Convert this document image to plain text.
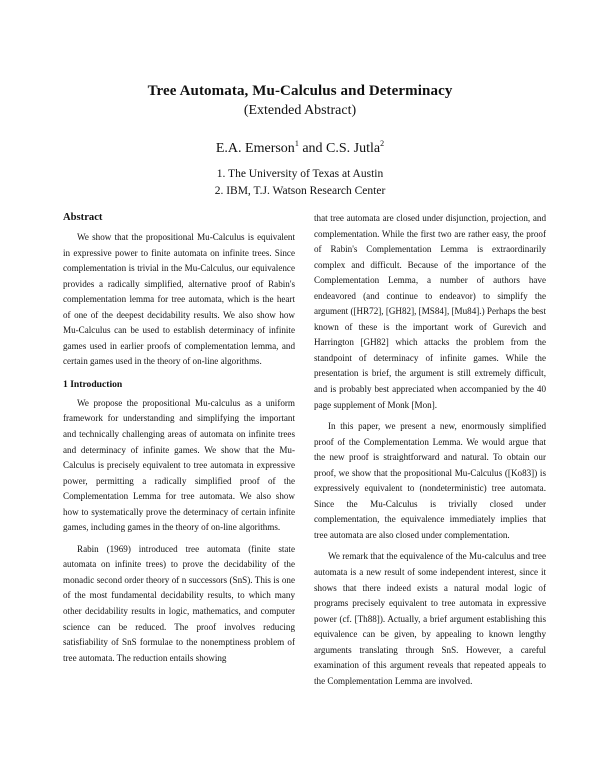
Tree Automata, Mu-Calculus and Determinacy
(Extended Abstract)
E.A. Emerson$^1$ and C.S. Jutla$^2$
1. The University of Texas at Austin
2. IBM, T.J. Watson Research Center
Abstract

We show that the propositional Mu-Calculus is equivalent in expressive power to finite automata on infinite trees. Since complementation is trivial in the Mu-Calculus, our equivalence provides a radically simplified, alternative proof of Rabin's complementation lemma for tree automata, which is the heart of one of the deepest decidability results. We also show how Mu-Calculus can be used to establish determinacy of infinite games used in earlier proofs of complementation lemma, and certain games used in the theory of on-line algorithms.

1 Introduction

We propose the propositional Mu-calculus as a uniform framework for understanding and simplifying the important and technically challenging areas of automata on infinite trees and determinacy of infinite games. We show that the Mu-Calculus is precisely equivalent to tree automata in expressive power, permitting a radically simplified proof of the Complementation Lemma for tree automata. We also show how to systematically prove the determinacy of certain infinite games, including games in the theory of on-line algorithms.

Rabin (1969) introduced tree automata (finite state automata on infinite trees) to prove the decidability of the monadic second order theory of n successors (SnS). This is one of the most fundamental decidability results, to which many other decidability results in logic, mathematics, and computer science can be reduced. The proof involves reducing satisfiability of SnS formulae to the nonemptiness problem of tree automata. The reduction entails showing

that tree automata are closed under disjunction, projection, and complementation. While the first two are rather easy, the proof of Rabin's Complementation Lemma is extraordinarily complex and difficult. Because of the importance of the Complementation Lemma, a number of authors have endeavored (and continue to endeavor) to simplify the argument ([HR72], [GH82], [MS84], [Mu84].) Perhaps the best known of these is the important work of Gurevich and Harrington [GH82] which attacks the problem from the standpoint of determinacy of infinite games. While the presentation is brief, the argument is still extremely difficult, and is probably best appreciated when accompanied by the 40 page supplement of Monk [Mon].

In this paper, we present a new, enormously simplified proof of the Complementation Lemma. We would argue that the new proof is straightforward and natural. To obtain our proof, we show that the propositional Mu-Calculus ([Ko83]) is expressively equivalent to (nondeterministic) tree automata. Since the Mu-Calculus is trivially closed under complementation, the equivalence immediately implies that tree automata are also closed under complementation.

We remark that the equivalence of the Mu-calculus and tree automata is a new result of some independent interest, since it shows that there indeed exists a natural modal logic of programs precisely equivalent to tree automata in expressive power (cf. [Th88]). Actually, a brief argument establishing this equivalence can be given, by appealing to known lengthy arguments translating through SnS. However, a careful examination of this argument reveals that repeated appeals to the Complementation Lemma are involved.
